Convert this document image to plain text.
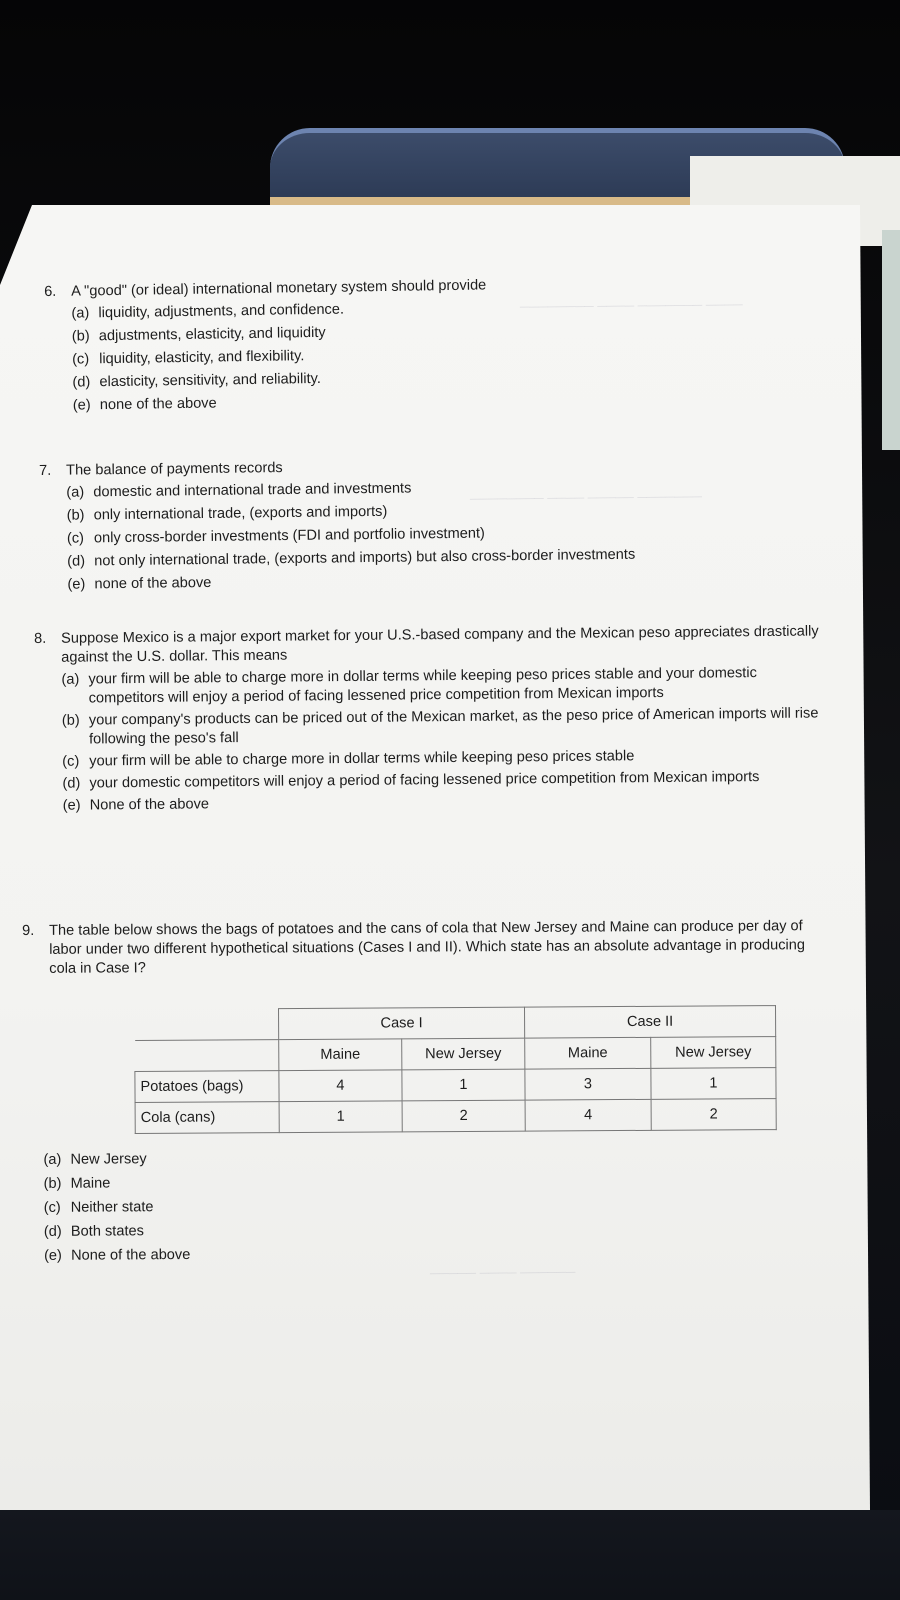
──────── ──── ─────── ────
──────── ──── ───── ───────
───── ──── ──────

6. A "good" (or ideal) international monetary system should provide

(a) liquidity, adjustments, and confidence.
(b) adjustments, elasticity, and liquidity
(c) liquidity, elasticity, and flexibility.
(d) elasticity, sensitivity, and reliability.
(e) none of the above

7. The balance of payments records

(a) domestic and international trade and investments
(b) only international trade, (exports and imports)
(c) only cross-border investments (FDI and portfolio investment)
(d) not only international trade, (exports and imports) but also cross-border investments
(e) none of the above

8. Suppose Mexico is a major export market for your U.S.-based company and the Mexican peso appreciates drastically against the U.S. dollar. This means

(a) your firm will be able to charge more in dollar terms while keeping peso prices stable and your domestic competitors will enjoy a period of facing lessened price competition from Mexican imports
(b) your company's products can be priced out of the Mexican market, as the peso price of American imports will rise following the peso's fall
(c) your firm will be able to charge more in dollar terms while keeping peso prices stable
(d) your domestic competitors will enjoy a period of facing lessened price competition from Mexican imports
(e) None of the above

9. The table below shows the bags of potatoes and the cans of cola that New Jersey and Maine can produce per day of labor under two different hypothetical situations (Cases I and II). Which state has an absolute advantage in producing cola in Case I?

(a) New Jersey
(b) Maine
(c) Neither state
(d) Both states
(e) None of the above
	Case I		Case II	
	Maine	New Jersey	Maine	New Jersey
Potatoes (bags)	4	1	3	1
Cola (cans)	1	2	4	2
